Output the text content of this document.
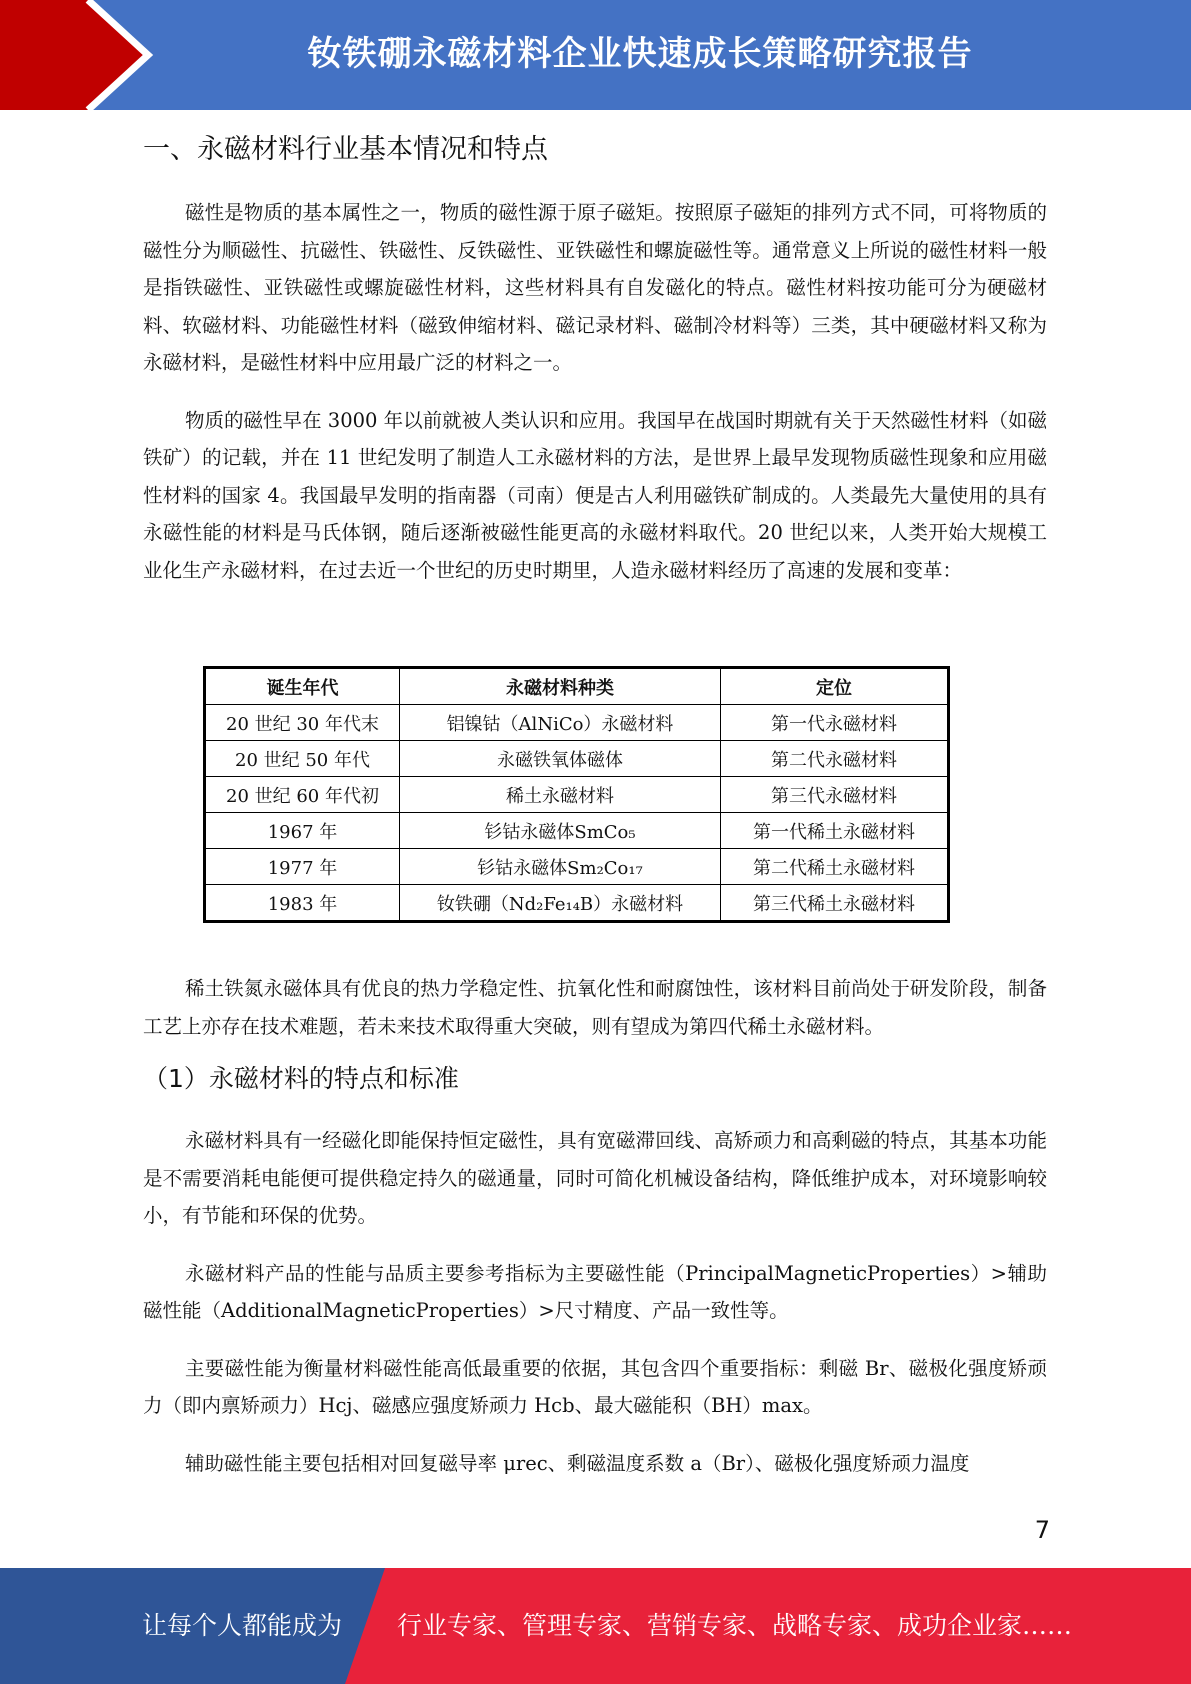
钕铁硼永磁材料企业快速成长策略研究报告
一、永磁材料行业基本情况和特点

磁性是物质的基本属性之一，物质的磁性源于原子磁矩。按照原子磁矩的排列方式不同，可将物质的磁性分为顺磁性、抗磁性、铁磁性、反铁磁性、亚铁磁性和螺旋磁性等。通常意义上所说的磁性材料一般是指铁磁性、亚铁磁性或螺旋磁性材料，这些材料具有自发磁化的特点。磁性材料按功能可分为硬磁材料、软磁材料、功能磁性材料（磁致伸缩材料、磁记录材料、磁制冷材料等）三类，其中硬磁材料又称为永磁材料，是磁性材料中应用最广泛的材料之一。

物质的磁性早在 3000 年以前就被人类认识和应用。我国早在战国时期就有关于天然磁性材料（如磁铁矿）的记载，并在 11 世纪发明了制造人工永磁材料的方法，是世界上最早发现物质磁性现象和应用磁性材料的国家 4。我国最早发明的指南器（司南）便是古人利用磁铁矿制成的。人类最先大量使用的具有永磁性能的材料是马氏体钢，随后逐渐被磁性能更高的永磁材料取代。20 世纪以来，人类开始大规模工业化生产永磁材料，在过去近一个世纪的历史时期里，人造永磁材料经历了高速的发展和变革：

诞生年代	永磁材料种类	定位
20 世纪 30 年代末	铝镍钴（AlNiCo）永磁材料	第一代永磁材料
20 世纪 50 年代	永磁铁氧体磁体	第二代永磁材料
20 世纪 60 年代初	稀土永磁材料	第三代永磁材料
1967 年	钐钴永磁体SmCo₅	第一代稀土永磁材料
1977 年	钐钴永磁体Sm₂Co₁₇	第二代稀土永磁材料
1983 年	钕铁硼（Nd₂Fe₁₄B）永磁材料	第三代稀土永磁材料

稀土铁氮永磁体具有优良的热力学稳定性、抗氧化性和耐腐蚀性，该材料目前尚处于研发阶段，制备工艺上亦存在技术难题，若未来技术取得重大突破，则有望成为第四代稀土永磁材料。

（1）永磁材料的特点和标准

永磁材料具有一经磁化即能保持恒定磁性，具有宽磁滞回线、高矫顽力和高剩磁的特点，其基本功能是不需要消耗电能便可提供稳定持久的磁通量，同时可简化机械设备结构，降低维护成本，对环境影响较小，有节能和环保的优势。

永磁材料产品的性能与品质主要参考指标为主要磁性能（PrincipalMagneticProperties）>辅助磁性能（AdditionalMagneticProperties）>尺寸精度、产品一致性等。

主要磁性能为衡量材料磁性能高低最重要的依据，其包含四个重要指标：剩磁 Br、磁极化强度矫顽力（即内禀矫顽力）Hcj、磁感应强度矫顽力 Hcb、最大磁能积（BH）max。

辅助磁性能主要包括相对回复磁导率 μrec、剩磁温度系数 a（Br）、磁极化强度矫顽力温度

7
让每个人都能成为 行业专家、管理专家、营销专家、战略专家、成功企业家……
